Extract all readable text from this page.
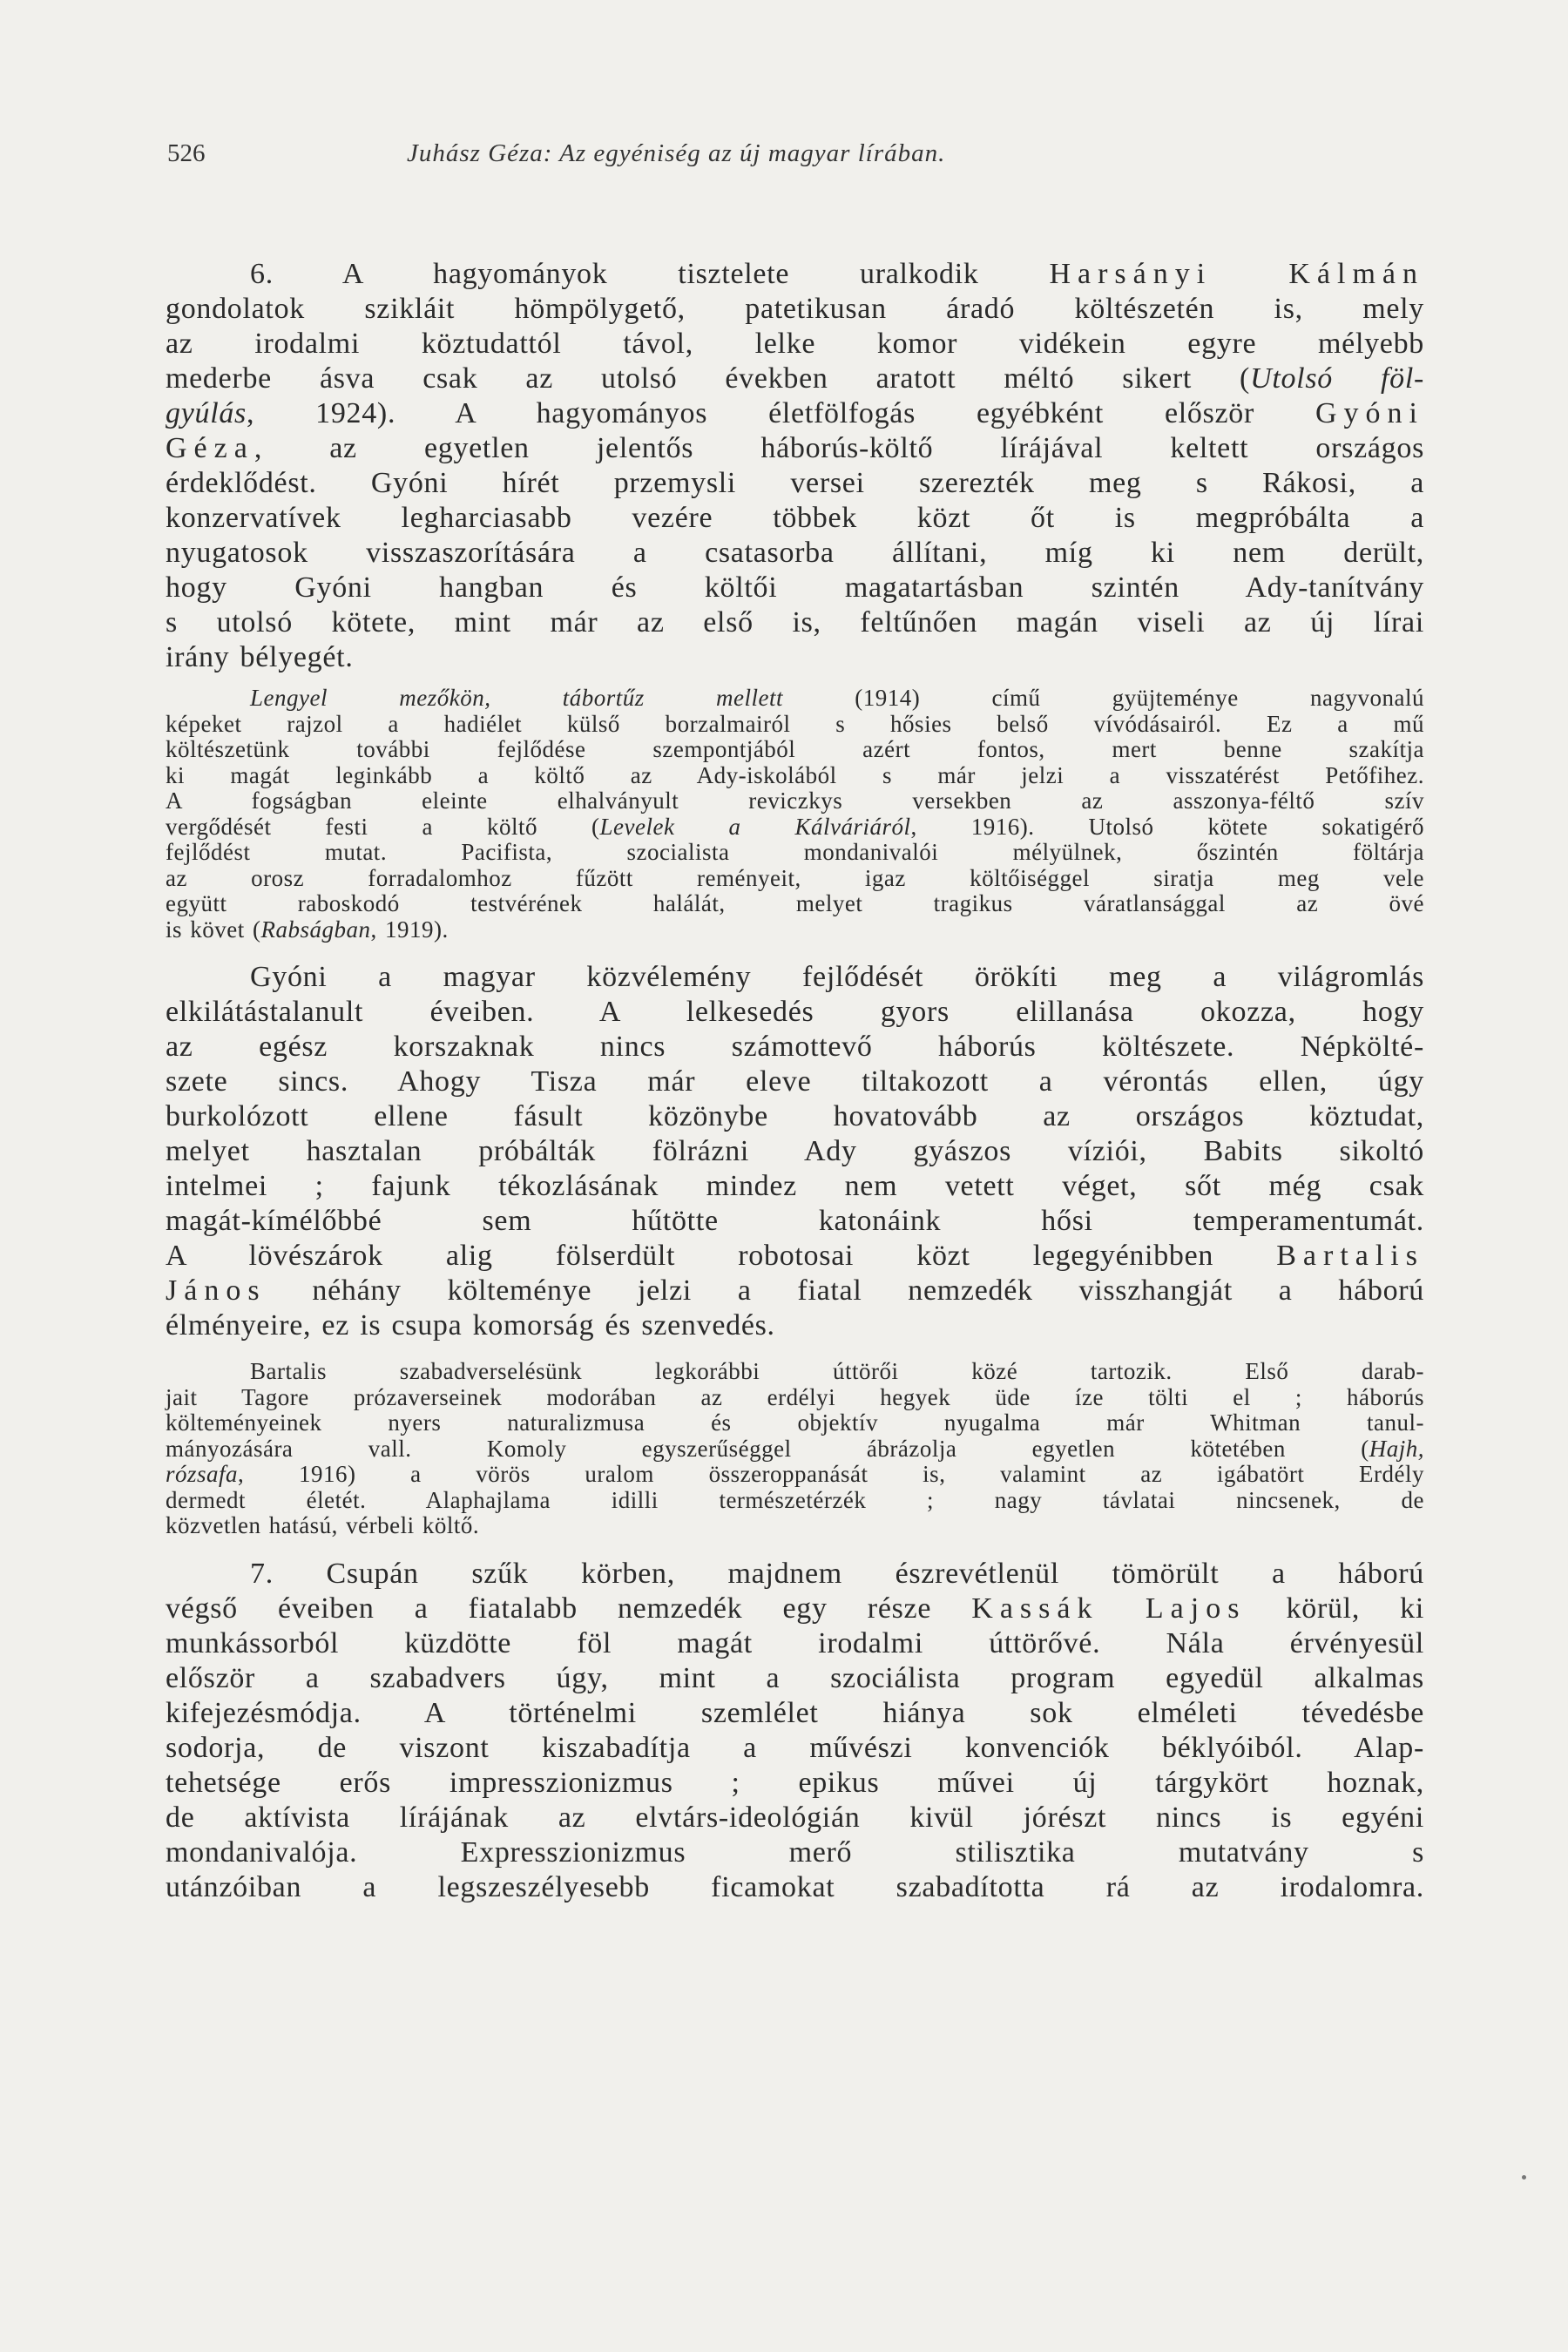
526	Juhász Géza: Az egyéniség az új magyar lírában.

6. A hagyományok tisztelete uralkodik Harsányi Kálmán

gondolatok szikláit hömpölygető, patetikusan áradó költészetén is, mely

az irodalmi köztudattól távol, lelke komor vidékein egyre mélyebb

mederbe ásva csak az utolsó években aratott méltó sikert (Utolsó föl-

gyúlás, 1924). A hagyományos életfölfogás egyébként először Gyóni

Géza, az egyetlen jelentős háborús-költő lírájával keltett országos

érdeklődést. Gyóni hírét przemysli versei szerezték meg s Rákosi, a

konzervatívek legharciasabb vezére többek közt őt is megpróbálta a

nyugatosok visszaszorítására a csatasorba állítani, míg ki nem derült,

hogy Gyóni hangban és költői magatartásban szintén Ady-tanítvány

s utolsó kötete, mint már az első is, feltűnően magán viseli az új lírai

irány bélyegét.

Lengyel mezőkön, tábortűz mellett (1914) című gyüjteménye nagyvonalú

képeket rajzol a hadiélet külső borzalmairól s hősies belső vívódásairól. Ez a mű

költészetünk további fejlődése szempontjából azért fontos, mert benne szakítja

ki magát leginkább a költő az Ady-iskolából s már jelzi a visszatérést Petőfihez.

A fogságban eleinte elhalványult reviczkys versekben az asszonya-féltő szív

vergődését festi a költő (Levelek a Kálváriáról, 1916). Utolsó kötete sokatigérő

fejlődést mutat. Pacifista, szocialista mondanivalói mélyülnek, őszintén föltárja

az orosz forradalomhoz fűzött reményeit, igaz költőiséggel siratja meg vele

együtt raboskodó testvérének halálát, melyet tragikus váratlansággal az övé

is követ (Rabságban, 1919).

Gyóni a magyar közvélemény fejlődését örökíti meg a világromlás

elkilátástalanult éveiben. A lelkesedés gyors elillanása okozza, hogy

az egész korszaknak nincs számottevő háborús költészete. Népkölté-

szete sincs. Ahogy Tisza már eleve tiltakozott a vérontás ellen, úgy

burkolózott ellene fásult közönybe hovatovább az országos köztudat,

melyet hasztalan próbálták fölrázni Ady gyászos víziói, Babits sikoltó

intelmei ; fajunk tékozlásának mindez nem vetett véget, sőt még csak

magát-kímélőbbé sem hűtötte katonáink hősi temperamentumát.

A lövészárok alig fölserdült robotosai közt legegyénibben Bartalis

János néhány költeménye jelzi a fiatal nemzedék visszhangját a háború

élményeire, ez is csupa komorság és szenvedés.

Bartalis szabadverselésünk legkorábbi úttörői közé tartozik. Első darab-

jait Tagore prózaverseinek modorában az erdélyi hegyek üde íze tölti el ; háborús

költeményeinek nyers naturalizmusa és objektív nyugalma már Whitman tanul-

mányozására vall. Komoly egyszerűséggel ábrázolja egyetlen kötetében (Hajh,

rózsafa, 1916) a vörös uralom összeroppanását is, valamint az igábatört Erdély

dermedt életét. Alaphajlama idilli természetérzék ; nagy távlatai nincsenek, de

közvetlen hatású, vérbeli költő.

7. Csupán szűk körben, majdnem észrevétlenül tömörült a háború

végső éveiben a fiatalabb nemzedék egy része Kassák Lajos körül, ki

munkássorból küzdötte föl magát irodalmi úttörővé. Nála érvényesül

először a szabadvers úgy, mint a szociálista program egyedül alkalmas

kifejezésmódja. A történelmi szemlélet hiánya sok elméleti tévedésbe

sodorja, de viszont kiszabadítja a művészi konvenciók béklyóiból. Alap-

tehetsége erős impresszionizmus ; epikus művei új tárgykört hoznak,

de aktívista lírájának az elvtárs-ideológián kivül jórészt nincs is egyéni

mondanivalója. Expresszionizmus merő stilisztika mutatvány s

utánzóiban a legszeszélyesebb ficamokat szabadította rá az irodalomra.
